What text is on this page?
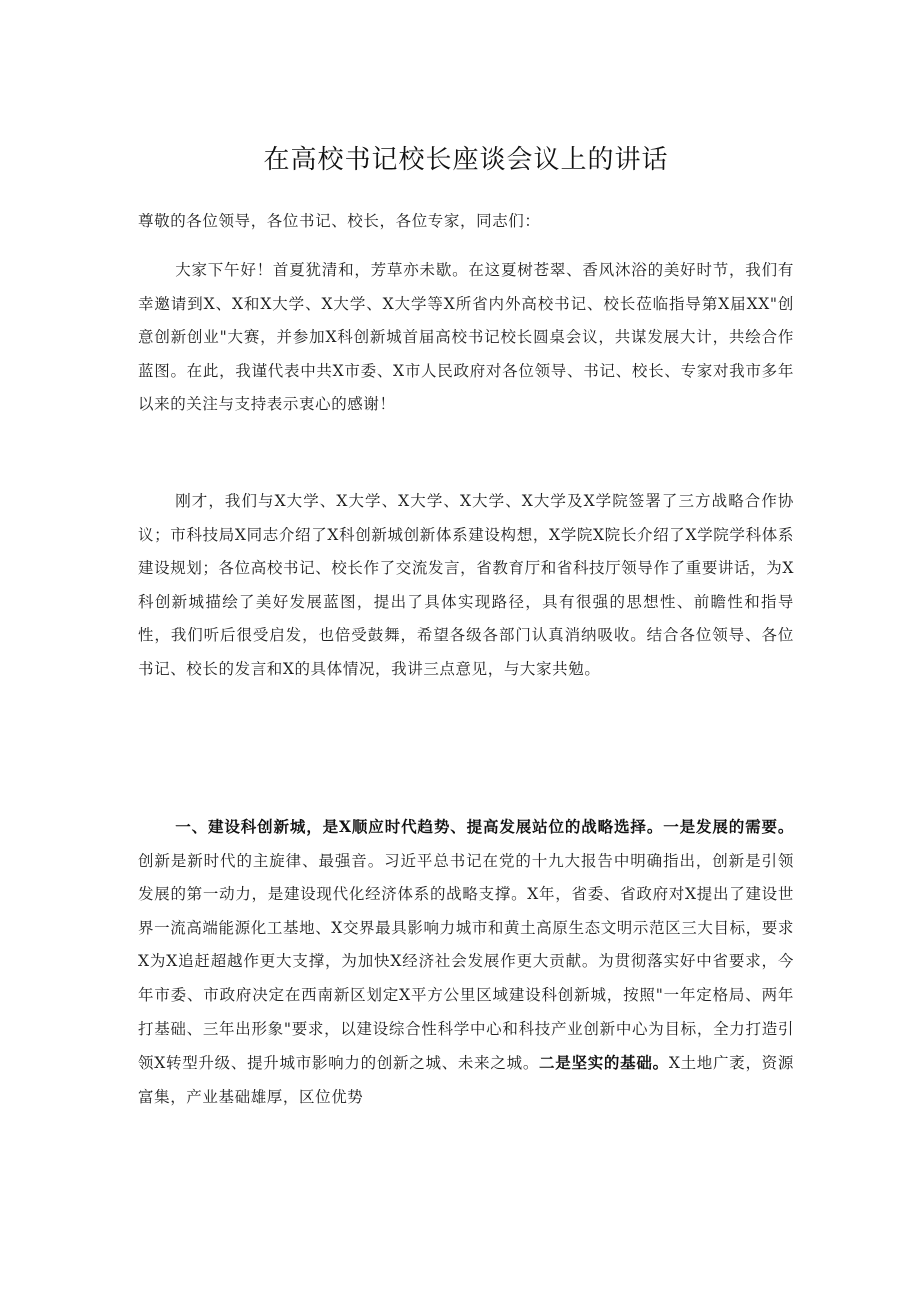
在高校书记校长座谈会议上的讲话

尊敬的各位领导，各位书记、校长，各位专家，同志们：

大家下午好！首夏犹清和，芳草亦未歇。在这夏树苍翠、香风沐浴的美好时节，我们有幸邀请到X、X和X大学、X大学、X大学等X所省内外高校书记、校长莅临指导第X届XX"创意创新创业"大赛，并参加X科创新城首届高校书记校长圆桌会议，共谋发展大计，共绘合作蓝图。在此，我谨代表中共X市委、X市人民政府对各位领导、书记、校长、专家对我市多年以来的关注与支持表示衷心的感谢！

刚才，我们与X大学、X大学、X大学、X大学、X大学及X学院签署了三方战略合作协议；市科技局X同志介绍了X科创新城创新体系建设构想，X学院X院长介绍了X学院学科体系建设规划；各位高校书记、校长作了交流发言，省教育厅和省科技厅领导作了重要讲话，为X科创新城描绘了美好发展蓝图，提出了具体实现路径，具有很强的思想性、前瞻性和指导性，我们听后很受启发，也倍受鼓舞，希望各级各部门认真消纳吸收。结合各位领导、各位书记、校长的发言和X的具体情况，我讲三点意见，与大家共勉。

一、建设科创新城，是X顺应时代趋势、提高发展站位的战略选择。一是发展的需要。创新是新时代的主旋律、最强音。习近平总书记在党的十九大报告中明确指出，创新是引领发展的第一动力，是建设现代化经济体系的战略支撑。X年，省委、省政府对X提出了建设世界一流高端能源化工基地、X交界最具影响力城市和黄土高原生态文明示范区三大目标，要求X为X追赶超越作更大支撑，为加快X经济社会发展作更大贡献。为贯彻落实好中省要求，今年市委、市政府决定在西南新区划定X平方公里区域建设科创新城，按照"一年定格局、两年打基础、三年出形象"要求，以建设综合性科学中心和科技产业创新中心为目标，全力打造引领X转型升级、提升城市影响力的创新之城、未来之城。二是坚实的基础。X土地广袤，资源富集，产业基础雄厚，区位优势
